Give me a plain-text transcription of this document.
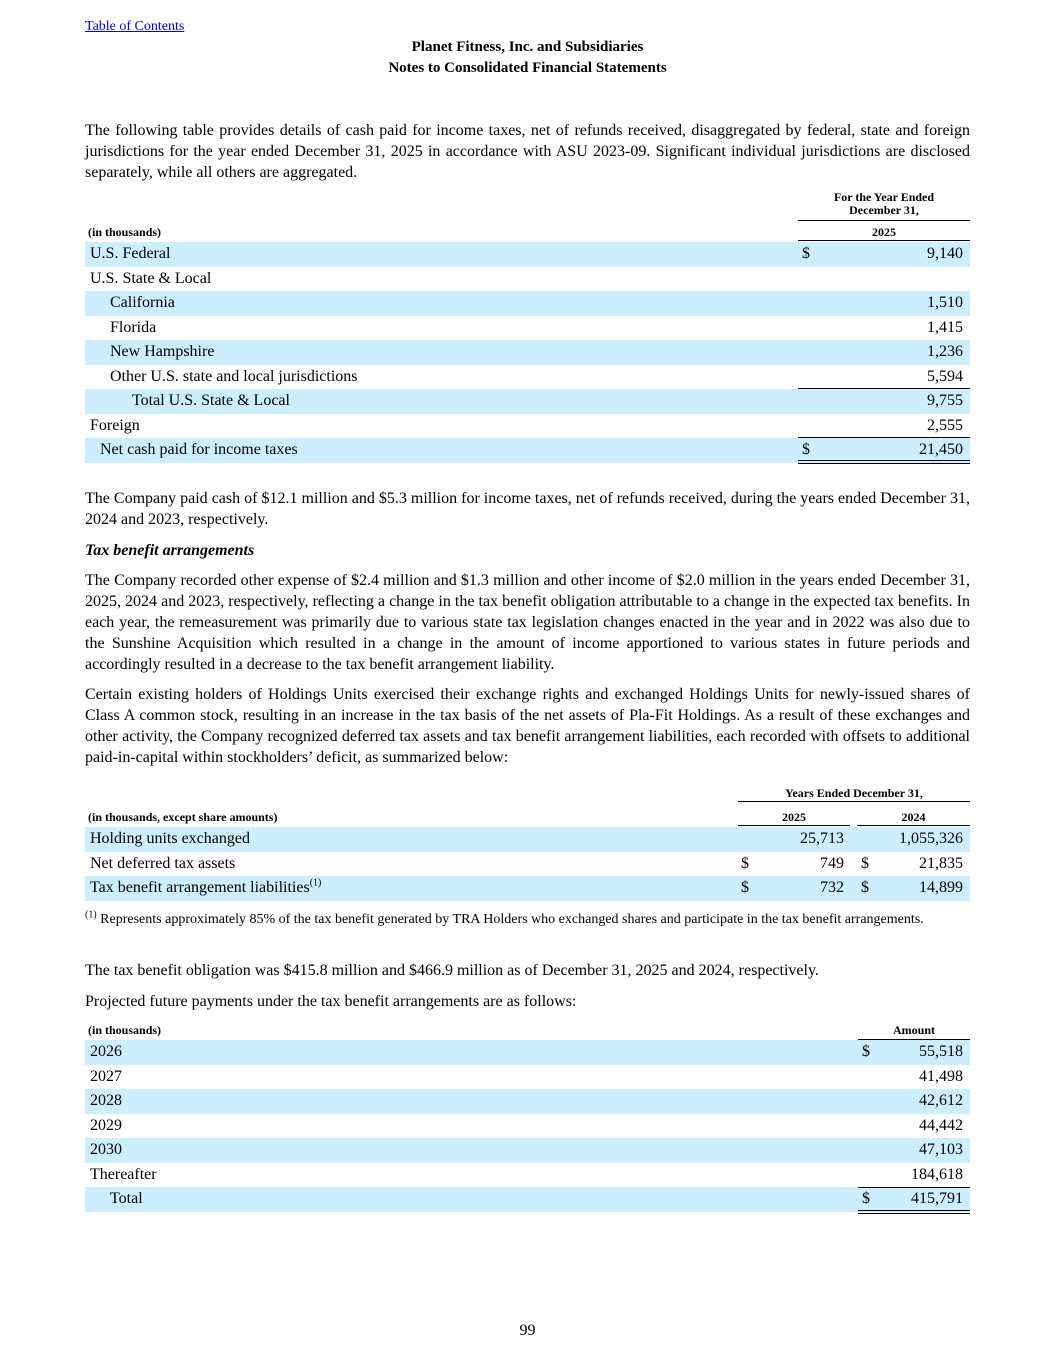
Table of Contents
Planet Fitness, Inc. and Subsidiaries
Notes to Consolidated Financial Statements

The following table provides details of cash paid for income taxes, net of refunds received, disaggregated by federal, state and foreign jurisdictions for the year ended December 31, 2025 in accordance with ASU 2023-09. Significant individual jurisdictions are disclosed separately, while all others are aggregated.

For the Year Ended
December 31,
(in thousands)	2025
U.S. Federal	$	9,140
U.S. State & Local
California	1,510
Florida	1,415
New Hampshire	1,236
Other U.S. state and local jurisdictions	5,594
Total U.S. State & Local	9,755
Foreign	2,555
Net cash paid for income taxes	$	21,450

The Company paid cash of $12.1 million and $5.3 million for income taxes, net of refunds received, during the years ended December 31, 2024 and 2023, respectively.

Tax benefit arrangements

The Company recorded other expense of $2.4 million and $1.3 million and other income of $2.0 million in the years ended December 31, 2025, 2024 and 2023, respectively, reflecting a change in the tax benefit obligation attributable to a change in the expected tax benefits. In each year, the remeasurement was primarily due to various state tax legislation changes enacted in the year and in 2022 was also due to the Sunshine Acquisition which resulted in a change in the amount of income apportioned to various states in future periods and accordingly resulted in a decrease to the tax benefit arrangement liability.

Certain existing holders of Holdings Units exercised their exchange rights and exchanged Holdings Units for newly-issued shares of Class A common stock, resulting in an increase in the tax basis of the net assets of Pla-Fit Holdings. As a result of these exchanges and other activity, the Company recognized deferred tax assets and tax benefit arrangement liabilities, each recorded with offsets to additional paid-in-capital within stockholders’ deficit, as summarized below:

Years Ended December 31,
(in thousands, except share amounts)	2025	2024
Holding units exchanged	25,713	1,055,326
Net deferred tax assets	$	749 $	21,835
Tax benefit arrangement liabilities$^{(1)}$	$	732 $	14,899

$^{(1)}$ Represents approximately 85% of the tax benefit generated by TRA Holders who exchanged shares and participate in the tax benefit arrangements.

The tax benefit obligation was $415.8 million and $466.9 million as of December 31, 2025 and 2024, respectively.

Projected future payments under the tax benefit arrangements are as follows:

(in thousands)	Amount
2026	$	55,518
2027	41,498
2028	42,612
2029	44,442
2030	47,103
Thereafter	184,618
Total	$	415,791
99
